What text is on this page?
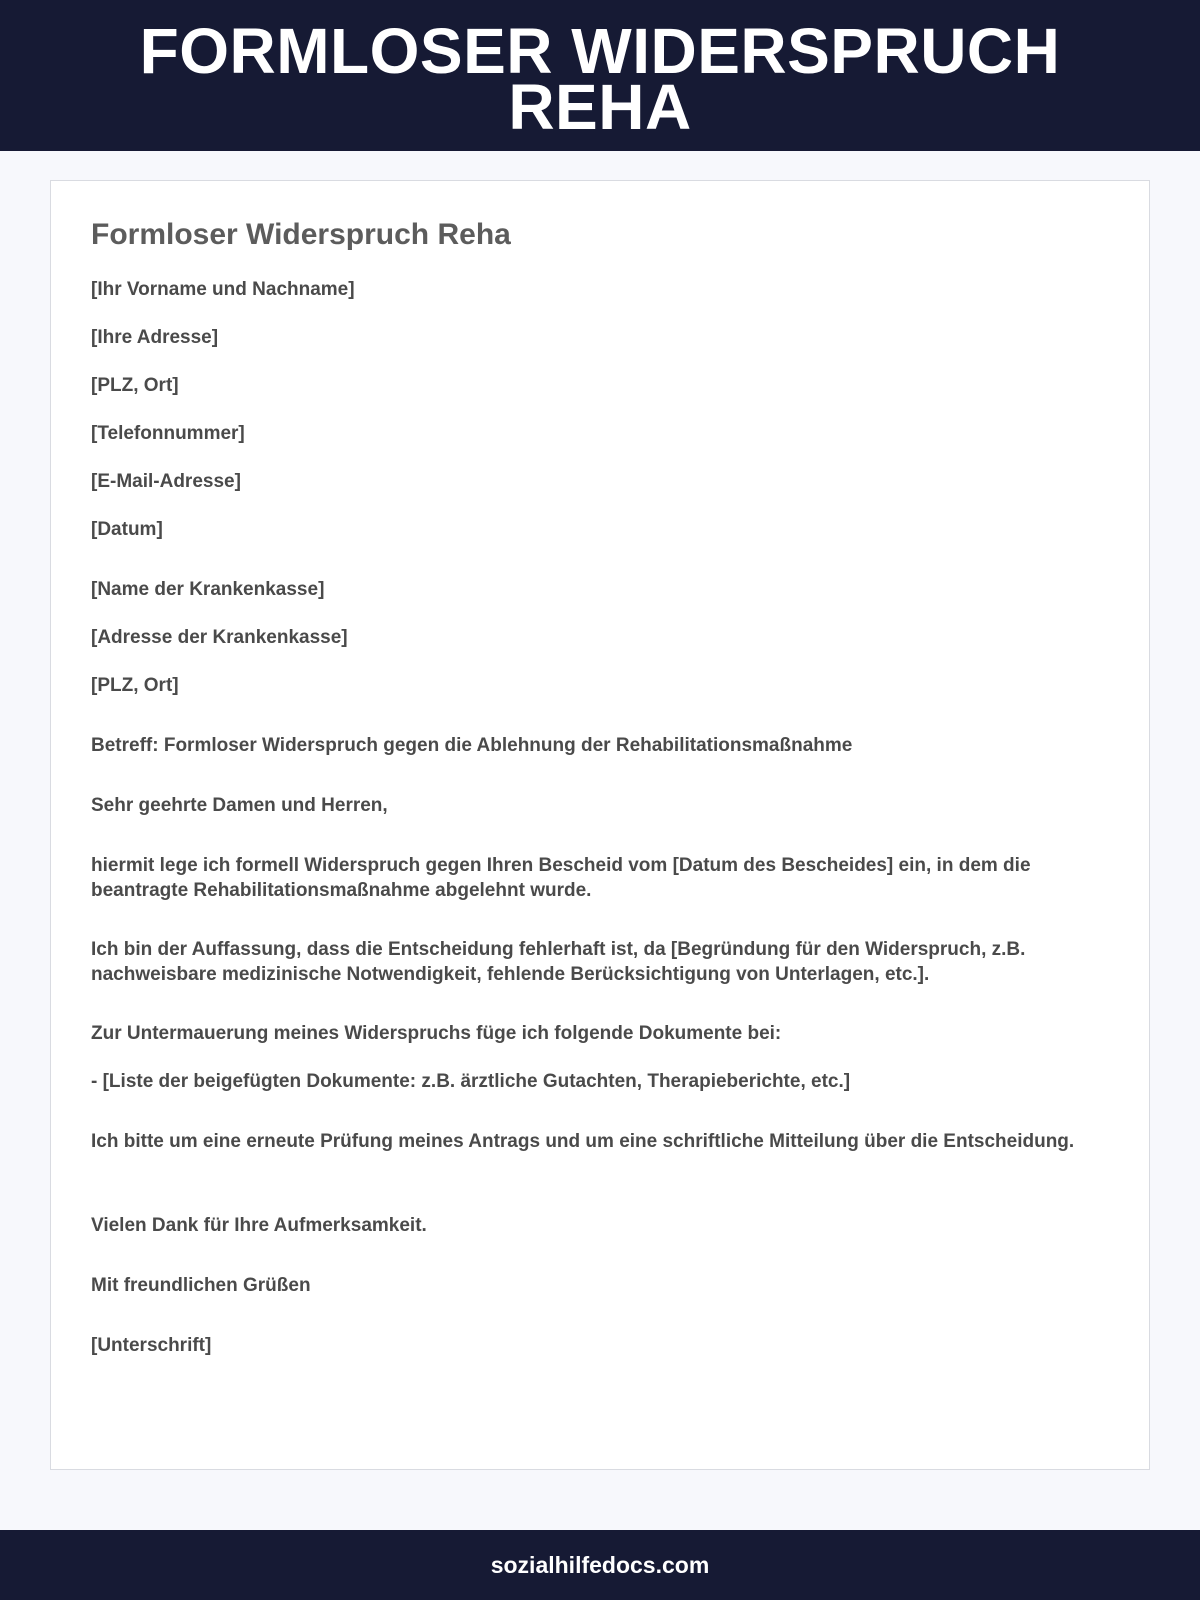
FORMLOSER WIDERSPRUCH REHA
Formloser Widerspruch Reha

[Ihr Vorname und Nachname]

[Ihre Adresse]

[PLZ, Ort]

[Telefonnummer]

[E-Mail-Adresse]

[Datum]

[Name der Krankenkasse]

[Adresse der Krankenkasse]

[PLZ, Ort]

Betreff: Formloser Widerspruch gegen die Ablehnung der Rehabilitationsmaßnahme

Sehr geehrte Damen und Herren,

hiermit lege ich formell Widerspruch gegen Ihren Bescheid vom [Datum des Bescheides] ein, in dem die beantragte Rehabilitationsmaßnahme abgelehnt wurde.

Ich bin der Auffassung, dass die Entscheidung fehlerhaft ist, da [Begründung für den Widerspruch, z.B. nachweisbare medizinische Notwendigkeit, fehlende Berücksichtigung von Unterlagen, etc.].

Zur Untermauerung meines Widerspruchs füge ich folgende Dokumente bei:

- [Liste der beigefügten Dokumente: z.B. ärztliche Gutachten, Therapieberichte, etc.]

Ich bitte um eine erneute Prüfung meines Antrags und um eine schriftliche Mitteilung über die Entscheidung.

Vielen Dank für Ihre Aufmerksamkeit.

Mit freundlichen Grüßen

[Unterschrift]

sozialhilfedocs.com
